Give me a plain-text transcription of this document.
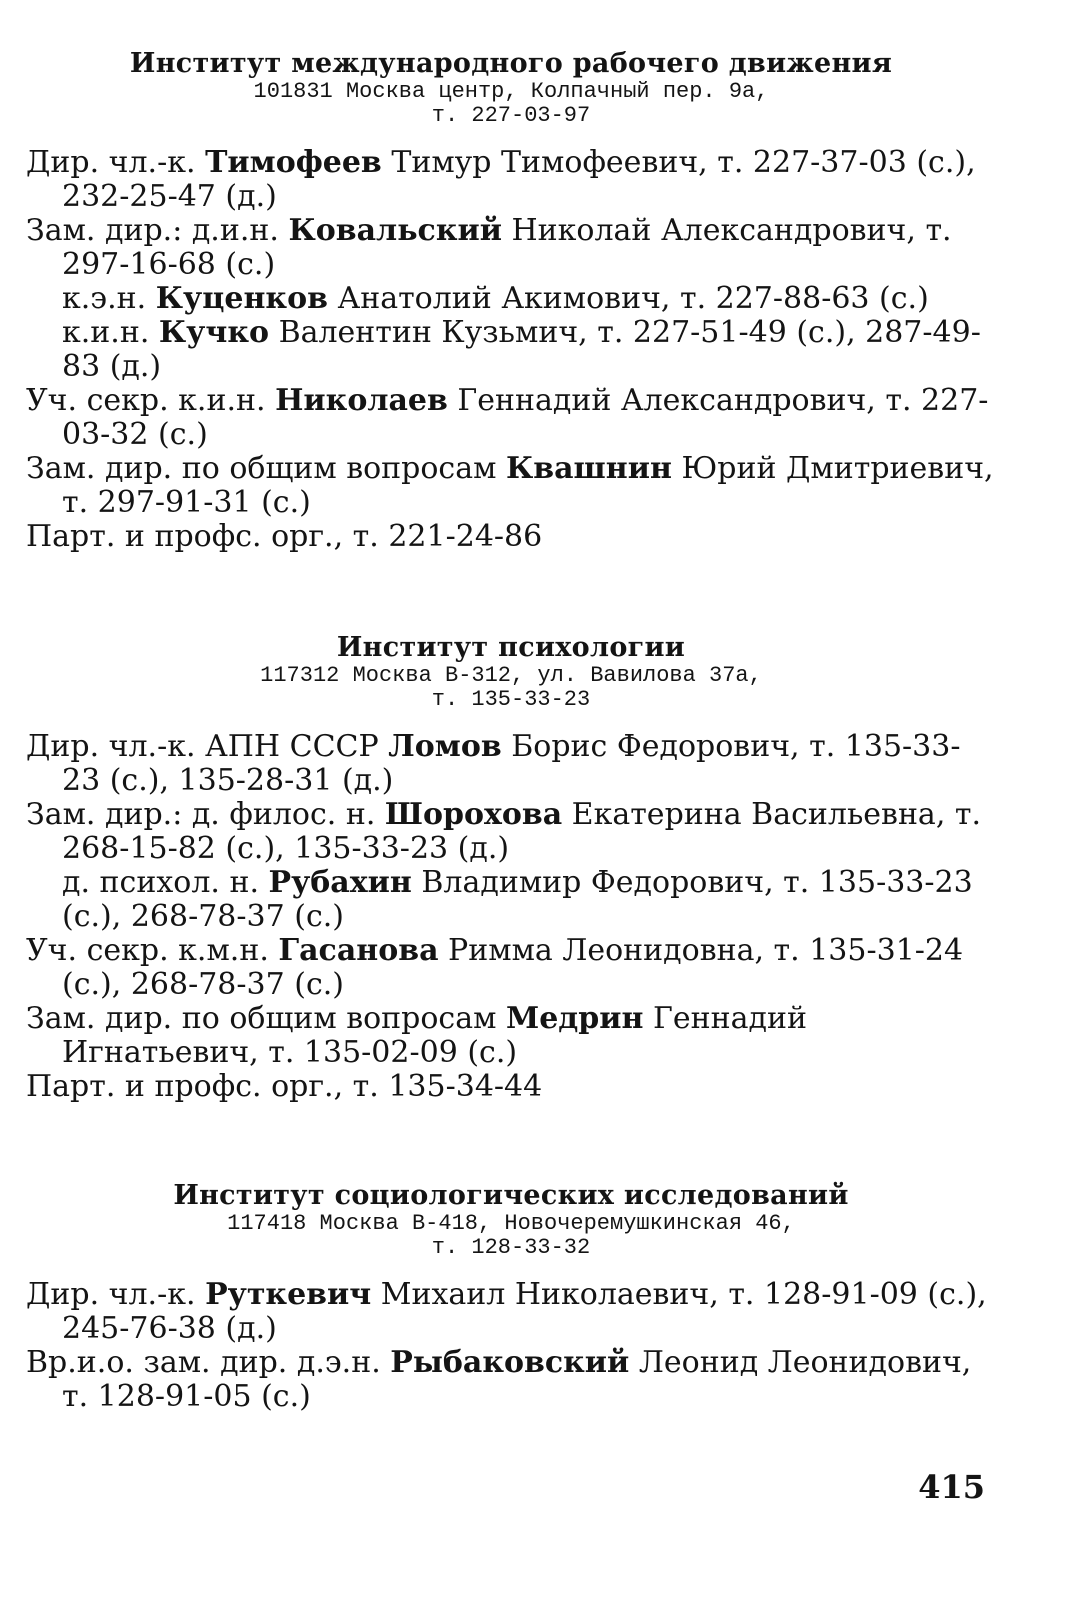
Институт международного рабочего движения

101831 Москва центр, Колпачный пер. 9а,

т. 227-03-97

Дир. чл.-к. Тимофеев Тимур Тимофеевич, т. 227-37-03 (с.), 232-25-47 (д.)

Зам. дир.: д.и.н. Ковальский Николай Александрович, т. 297-16-68 (с.)

к.э.н. Куценков Анатолий Акимович, т. 227-88-63 (с.)

к.и.н. Кучко Валентин Кузьмич, т. 227-51-49 (с.), 287-49-83 (д.)

Уч. секр. к.и.н. Николаев Геннадий Александрович, т. 227-03-32 (с.)

Зам. дир. по общим вопросам Квашнин Юрий Дмитриевич, т. 297-91-31 (с.)

Парт. и профс. орг., т. 221-24-86

Институт психологии

117312 Москва В-312, ул. Вавилова 37а,

т. 135-33-23

Дир. чл.-к. АПН СССР Ломов Борис Федорович, т. 135-33-23 (с.), 135-28-31 (д.)

Зам. дир.: д. филос. н. Шорохова Екатерина Васильевна, т. 268-15-82 (с.), 135-33-23 (д.)

д. психол. н. Рубахин Владимир Федорович, т. 135-33-23 (с.), 268-78-37 (с.)

Уч. секр. к.м.н. Гасанова Римма Леонидовна, т. 135-31-24 (с.), 268-78-37 (с.)

Зам. дир. по общим вопросам Медрин Геннадий Игнатьевич, т. 135-02-09 (с.)

Парт. и профс. орг., т. 135-34-44

Институт социологических исследований

117418 Москва В-418, Новочеремушкинская 46,

т. 128-33-32

Дир. чл.-к. Руткевич Михаил Николаевич, т. 128-91-09 (с.), 245-76-38 (д.)

Вр.и.о. зам. дир. д.э.н. Рыбаковский Леонид Леонидович, т. 128-91-05 (с.)

415
